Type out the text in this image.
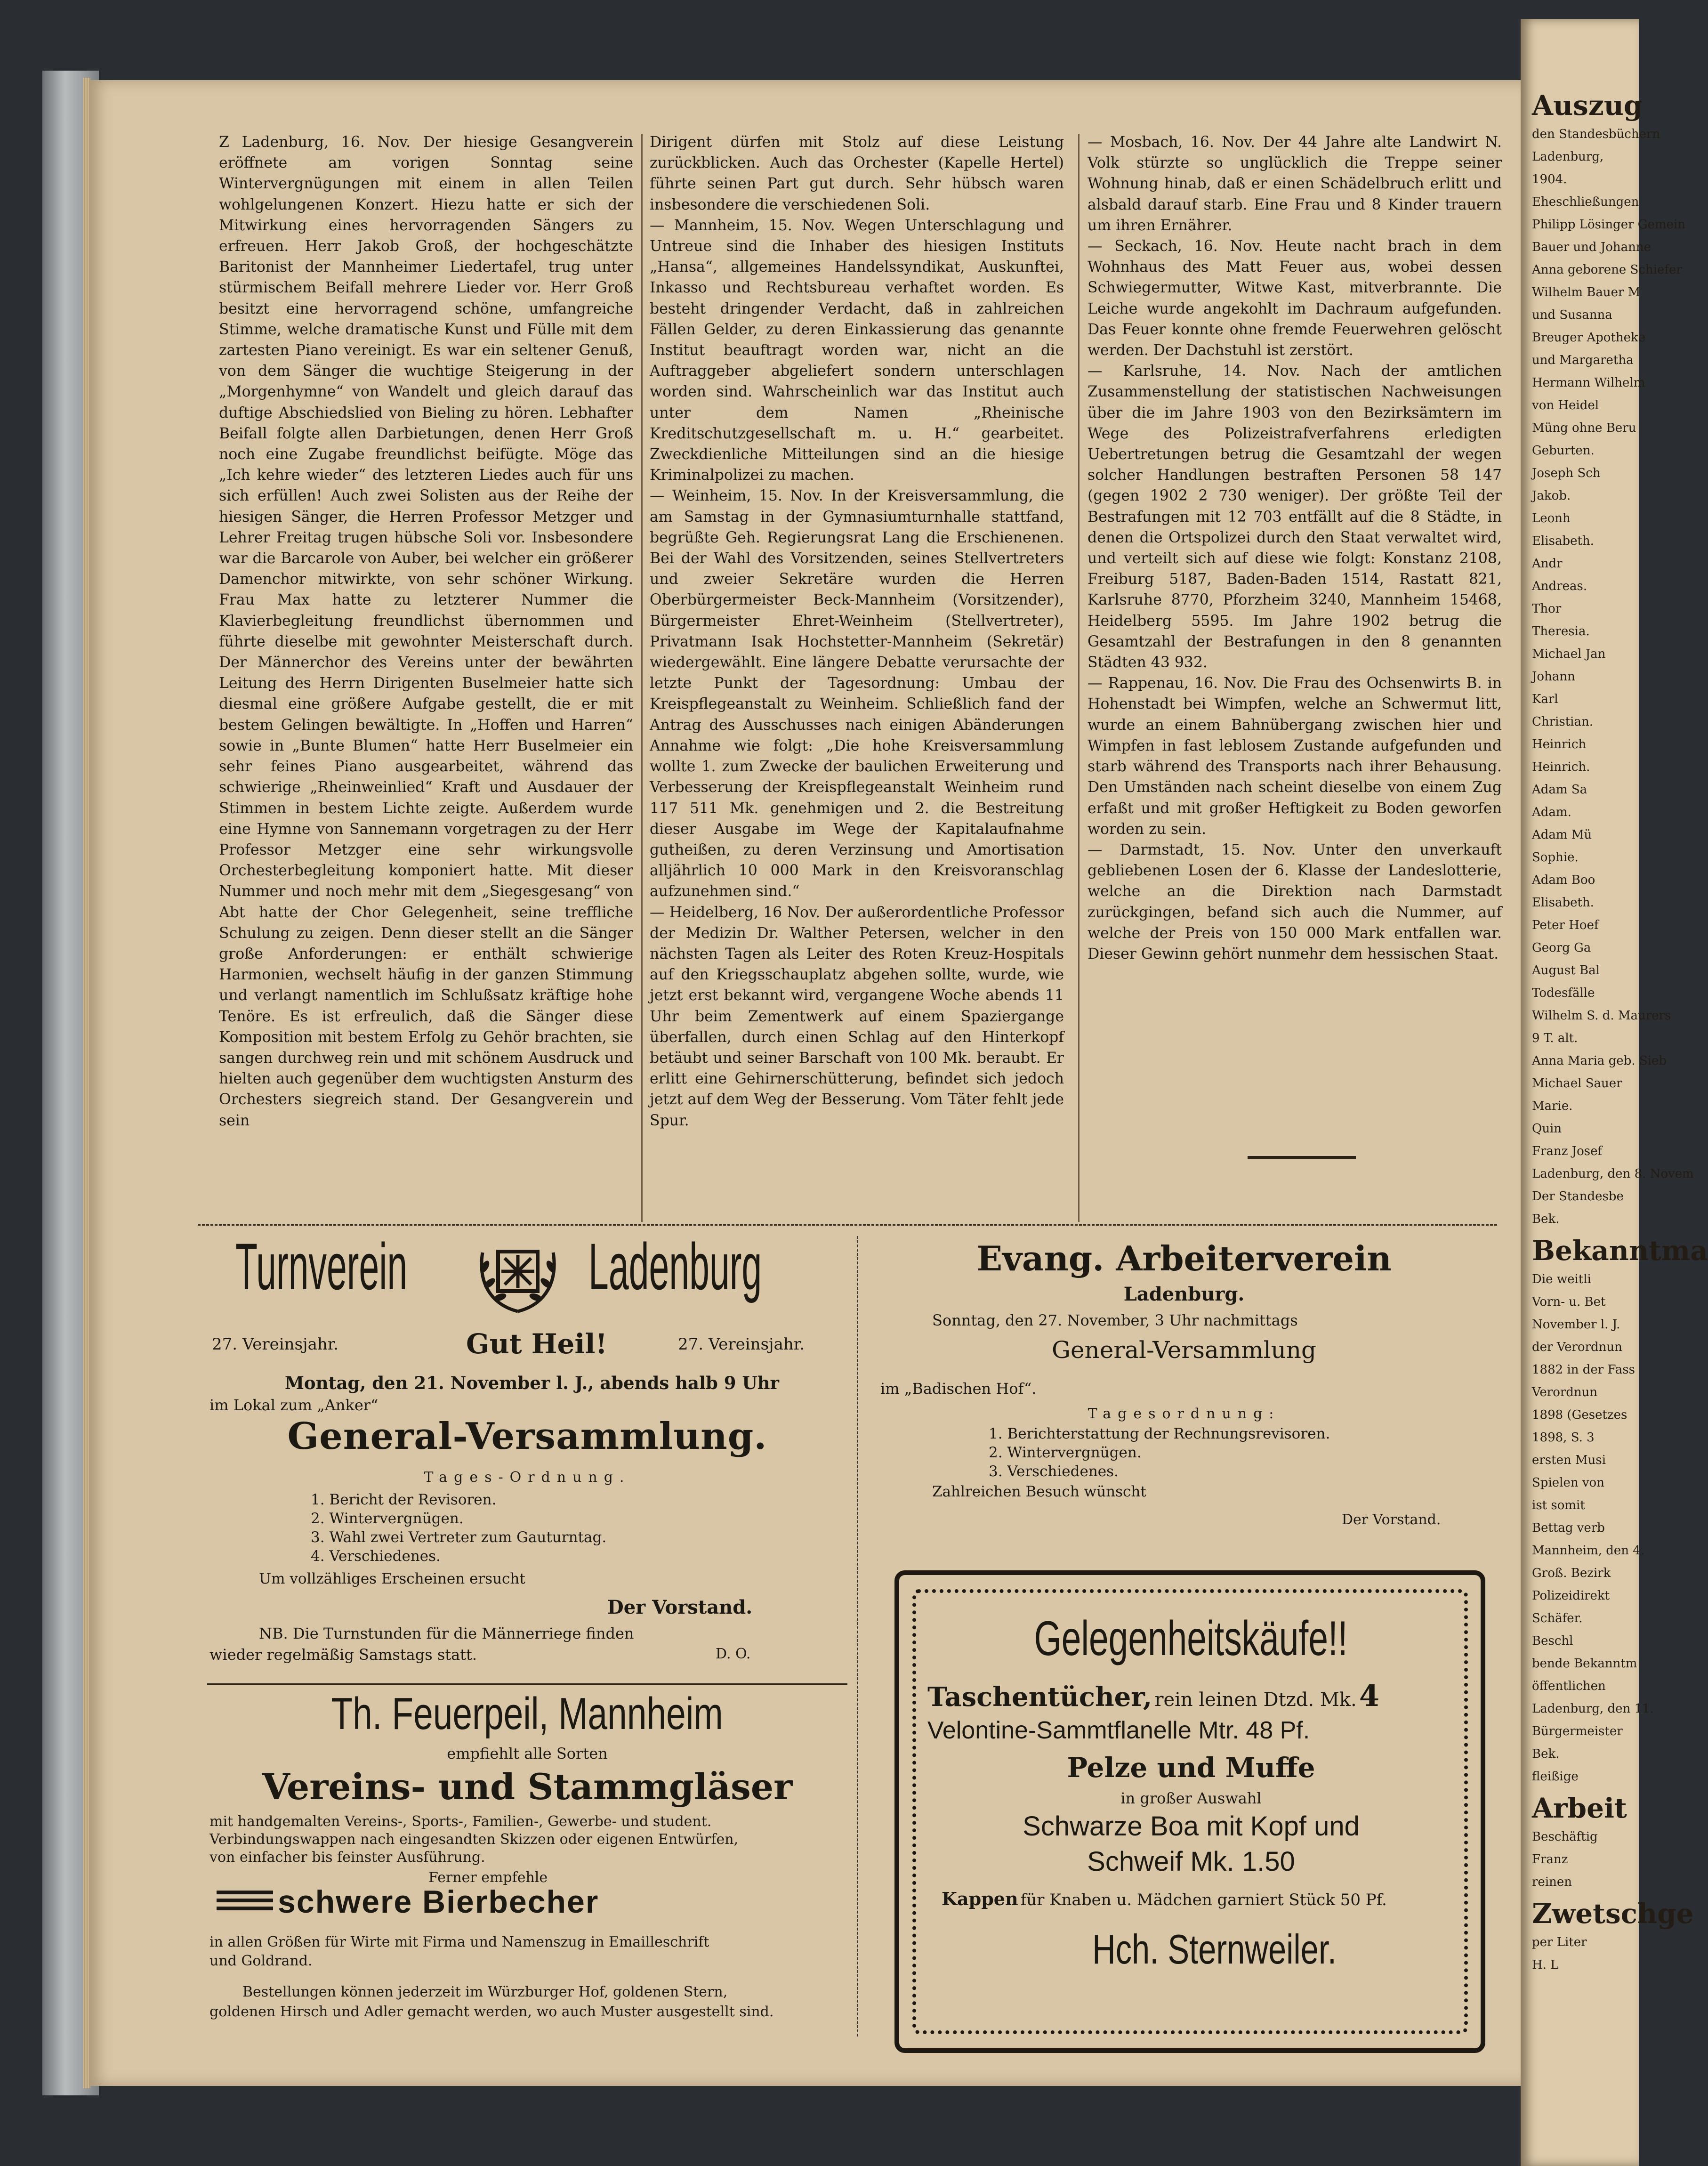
Z Ladenburg, 16. Nov. Der hiesige Gesangverein eröffnete am vorigen Sonntag seine Wintervergnügungen mit einem in allen Teilen wohlgelungenen Konzert. Hiezu hatte er sich der Mitwirkung eines hervorragenden Sängers zu erfreuen. Herr Jakob Groß, der hochgeschätzte Baritonist der Mannheimer Liedertafel, trug unter stürmischem Beifall mehrere Lieder vor. Herr Groß besitzt eine hervorragend schöne, umfangreiche Stimme, welche dramatische Kunst und Fülle mit dem zartesten Piano vereinigt. Es war ein seltener Genuß, von dem Sänger die wuchtige Steigerung in der „Morgenhymne“ von Wandelt und gleich darauf das duftige Abschiedslied von Bieling zu hören. Lebhafter Beifall folgte allen Darbietungen, denen Herr Groß noch eine Zugabe freundlichst beifügte. Möge das „Ich kehre wieder“ des letzteren Liedes auch für uns sich erfüllen! Auch zwei Solisten aus der Reihe der hiesigen Sänger, die Herren Professor Metzger und Lehrer Freitag trugen hübsche Soli vor. Insbesondere war die Barcarole von Auber, bei welcher ein größerer Damenchor mitwirkte, von sehr schöner Wirkung. Frau Max hatte zu letzterer Nummer die Klavierbegleitung freundlichst übernommen und führte dieselbe mit gewohnter Meisterschaft durch. Der Männerchor des Vereins unter der bewährten Leitung des Herrn Dirigenten Buselmeier hatte sich diesmal eine größere Aufgabe gestellt, die er mit bestem Gelingen bewältigte. In „Hoffen und Harren“ sowie in „Bunte Blumen“ hatte Herr Buselmeier ein sehr feines Piano ausgearbeitet, während das schwierige „Rheinweinlied“ Kraft und Ausdauer der Stimmen in bestem Lichte zeigte. Außerdem wurde eine Hymne von Sannemann vorgetragen zu der Herr Professor Metzger eine sehr wirkungsvolle Orchesterbegleitung komponiert hatte. Mit dieser Nummer und noch mehr mit dem „Siegesgesang“ von Abt hatte der Chor Gelegenheit, seine treffliche Schulung zu zeigen. Denn dieser stellt an die Sänger große Anforderungen: er enthält schwierige Harmonien, wechselt häufig in der ganzen Stimmung und verlangt namentlich im Schlußsatz kräftige hohe Tenöre. Es ist erfreulich, daß die Sänger diese Komposition mit bestem Erfolg zu Gehör brachten, sie sangen durchweg rein und mit schönem Ausdruck und hielten auch gegenüber dem wuchtigsten Ansturm des Orchesters siegreich stand. Der Gesangverein und sein

Dirigent dürfen mit Stolz auf diese Leistung zurückblicken. Auch das Orchester (Kapelle Hertel) führte seinen Part gut durch. Sehr hübsch waren insbesondere die verschiedenen Soli.

— Mannheim, 15. Nov. Wegen Unterschlagung und Untreue sind die Inhaber des hiesigen Instituts „Hansa“, allgemeines Handelssyndikat, Auskunftei, Inkasso und Rechtsbureau verhaftet worden. Es besteht dringender Verdacht, daß in zahlreichen Fällen Gelder, zu deren Einkassierung das genannte Institut beauftragt worden war, nicht an die Auftraggeber abgeliefert sondern unterschlagen worden sind. Wahrscheinlich war das Institut auch unter dem Namen „Rheinische Kreditschutzgesellschaft m. u. H.“ gearbeitet. Zweckdienliche Mitteilungen sind an die hiesige Kriminalpolizei zu machen.

— Weinheim, 15. Nov. In der Kreisversammlung, die am Samstag in der Gymnasiumturnhalle stattfand, begrüßte Geh. Regierungsrat Lang die Erschienenen. Bei der Wahl des Vorsitzenden, seines Stellvertreters und zweier Sekretäre wurden die Herren Oberbürgermeister Beck-Mannheim (Vorsitzender), Bürgermeister Ehret-Weinheim (Stellvertreter), Privatmann Isak Hochstetter-Mannheim (Sekretär) wiedergewählt. Eine längere Debatte verursachte der letzte Punkt der Tagesordnung: Umbau der Kreispflegeanstalt zu Weinheim. Schließlich fand der Antrag des Ausschusses nach einigen Abänderungen Annahme wie folgt: „Die hohe Kreisversammlung wollte 1. zum Zwecke der baulichen Erweiterung und Verbesserung der Kreispflegeanstalt Weinheim rund 117 511 Mk. genehmigen und 2. die Bestreitung dieser Ausgabe im Wege der Kapitalaufnahme gutheißen, zu deren Verzinsung und Amortisation alljährlich 10 000 Mark in den Kreisvoranschlag aufzunehmen sind.“

— Heidelberg, 16 Nov. Der außerordentliche Professor der Medizin Dr. Walther Petersen, welcher in den nächsten Tagen als Leiter des Roten Kreuz-Hospitals auf den Kriegsschauplatz abgehen sollte, wurde, wie jetzt erst bekannt wird, vergangene Woche abends 11 Uhr beim Zementwerk auf einem Spaziergange überfallen, durch einen Schlag auf den Hinterkopf betäubt und seiner Barschaft von 100 Mk. beraubt. Er erlitt eine Gehirnerschütterung, befindet sich jedoch jetzt auf dem Weg der Besserung. Vom Täter fehlt jede Spur.

— Mosbach, 16. Nov. Der 44 Jahre alte Landwirt N. Volk stürzte so unglücklich die Treppe seiner Wohnung hinab, daß er einen Schädelbruch erlitt und alsbald darauf starb. Eine Frau und 8 Kinder trauern um ihren Ernährer.

— Seckach, 16. Nov. Heute nacht brach in dem Wohnhaus des Matt Feuer aus, wobei dessen Schwiegermutter, Witwe Kast, mitverbrannte. Die Leiche wurde angekohlt im Dachraum aufgefunden. Das Feuer konnte ohne fremde Feuerwehren gelöscht werden. Der Dachstuhl ist zerstört.

— Karlsruhe, 14. Nov. Nach der amtlichen Zusammenstellung der statistischen Nachweisungen über die im Jahre 1903 von den Bezirksämtern im Wege des Polizeistrafverfahrens erledigten Uebertretungen betrug die Gesamtzahl der wegen solcher Handlungen bestraften Personen 58 147 (gegen 1902 2 730 weniger). Der größte Teil der Bestrafungen mit 12 703 entfällt auf die 8 Städte, in denen die Ortspolizei durch den Staat verwaltet wird, und verteilt sich auf diese wie folgt: Konstanz 2108, Freiburg 5187, Baden-Baden 1514, Rastatt 821, Karlsruhe 8770, Pforzheim 3240, Mannheim 15468, Heidelberg 5595. Im Jahre 1902 betrug die Gesamtzahl der Bestrafungen in den 8 genannten Städten 43 932.

— Rappenau, 16. Nov. Die Frau des Ochsenwirts B. in Hohenstadt bei Wimpfen, welche an Schwermut litt, wurde an einem Bahnübergang zwischen hier und Wimpfen in fast leblosem Zustande aufgefunden und starb während des Transports nach ihrer Behausung. Den Umständen nach scheint dieselbe von einem Zug erfaßt und mit großer Heftigkeit zu Boden geworfen worden zu sein.

— Darmstadt, 15. Nov. Unter den unverkauft gebliebenen Losen der 6. Klasse der Landeslotterie, welche an die Direktion nach Darmstadt zurückgingen, befand sich auch die Nummer, auf welche der Preis von 150 000 Mark entfallen war. Dieser Gewinn gehört nunmehr dem hessischen Staat.

Turnverein	Ladenburg
27. Vereinsjahr.	Gut Heil!	27. Vereinsjahr.
Montag, den 21. November l. J., abends halb 9 Uhr
im Lokal zum „Anker“
General-Versammlung.
Tages-Ordnung.
1. Bericht der Revisoren.
2. Wintervergnügen.
3. Wahl zwei Vertreter zum Gauturntag.
4. Verschiedenes.
Um vollzähliges Erscheinen ersucht
Der Vorstand.
NB. Die Turnstunden für die Männerriege finden
wieder regelmäßig Samstags statt.	D. O.
Th. Feuerpeil, Mannheim
empfiehlt alle Sorten
Vereins- und Stammgläser
mit handgemalten Vereins-, Sports-, Familien-, Gewerbe- und student.
Verbindungswappen nach eingesandten Skizzen oder eigenen Entwürfen,
von einfacher bis feinster Ausführung.
Ferner empfehle
schwere Bierbecher
in allen Größen für Wirte mit Firma und Namenszug in Emailleschrift
und Goldrand.
Bestellungen können jederzeit im Würzburger Hof, goldenen Stern,
goldenen Hirsch und Adler gemacht werden, wo auch Muster ausgestellt sind.
Evang. Arbeiterverein
Ladenburg.
Sonntag, den 27. November, 3 Uhr nachmittags
General-Versammlung
im „Badischen Hof“.
Tagesordnung:
1. Berichterstattung der Rechnungsrevisoren.
2. Wintervergnügen.
3. Verschiedenes.
Zahlreichen Besuch wünscht
Der Vorstand.
Gelegenheitskäufe!!
Taschentücher, rein leinen Dtzd. Mk. 4
Velontine-Sammtflanelle Mtr. 48 Pf.
Pelze und Muffe
in großer Auswahl
Schwarze Boa mit Kopf und
Schweif Mk. 1.50
Kappen für Knaben u. Mädchen garniert Stück 50 Pf.
Hch. Sternweiler.
Auszug
den Standesbüchern
Ladenburg,
1904.
Eheschließungen
Philipp Lösinger Gemein
Bauer und Johanne
Anna geborene Schiefer
Wilhelm Bauer M
und Susanna
Breuger Apotheke
und Margaretha
Hermann Wilhelm
von Heidel
Müng ohne Beru
Geburten.
Joseph Sch
Jakob.
Leonh
Elisabeth.
Andr
Andreas.
Thor
Theresia.
Michael Jan
Johann
Karl
Christian.
Heinrich
Heinrich.
Adam Sa
Adam.
Adam Mü
Sophie.
Adam Boo
Elisabeth.
Peter Hoef
Georg Ga
August Bal
Todesfälle
Wilhelm S. d. Maurers
9 T. alt.
Anna Maria geb. Sieb
Michael Sauer
Marie.
Quin
Franz Josef
Ladenburg, den 8. Novem
Der Standesbe
Bek.
Bekanntma
Die weitli
Vorn- u. Bet
November l. J.
der Verordnun
1882 in der Fass
Verordnun
1898 (Gesetzes
1898, S. 3
ersten Musi
Spielen von
ist somit
Bettag verb
Mannheim, den 4.
Groß. Bezirk
Polizeidirekt
Schäfer.
Beschl
bende Bekanntm
öffentlichen
Ladenburg, den 11.
Bürgermeister
Bek.
fleißige
Arbeit
Beschäftig
Franz
reinen
Zwetschge
per Liter
H. L
